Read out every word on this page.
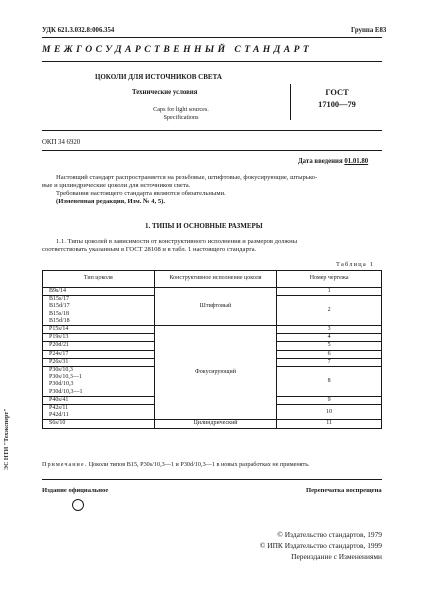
УДК 621.3.032.8:006.354	Группа Е83
МЕЖГОСУДАРСТВЕННЫЙ СТАНДАРТ
ЦОКОЛИ ДЛЯ ИСТОЧНИКОВ СВЕТА
Технические условия
Caps for light sources.
Specifications
ГОСТ
17100—79
ОКП 34 6920
Дата введения 01.01.80
Настоящий стандарт распространяется на резьбовые, штифтовые, фокусирующие, штырько-
вые и цилиндрические цоколи для источников света.
Требования настоящего стандарта являются обязательными.
(Измененная редакция, Изм. № 4, 5).
1. ТИПЫ И ОСНОВНЫЕ РАЗМЕРЫ
1.1. Типы цоколей в зависимости от конструктивного исполнения и размеров должны
соответствовать указанным в ГОСТ 28108 и в табл. 1 настоящего стандарта.
Таблица 1
Тип цоколя	Конструктивное исполнение цоколя	Номер чертежа

B9s/14	Штифтовый	1

B15s/17
B15d/17
B15s/18
B15d/18		2

P15s/14	Фокусирующий	3

P19s/13		4

P20d/21		5

P24s/17		6

P26s/31		7

P30s/10,3
P30s/10,3—1
P30d/10,3
P30d/10,3—1		8

P40s/41		9

P42s/11
P42d/11		10

S6s/10	Цилиндрический	11
Примечание. Цоколи типов B15, P30s/10,3—1 и P30d/10,3—1 в новых разработках не применять.
Издание официальное	Перепечатка воспрещена
© Издательство стандартов, 1979
© ИПК Издательство стандартов, 1999
Переиздание с Изменениями
ЭС НТИ "Техэксперт"
